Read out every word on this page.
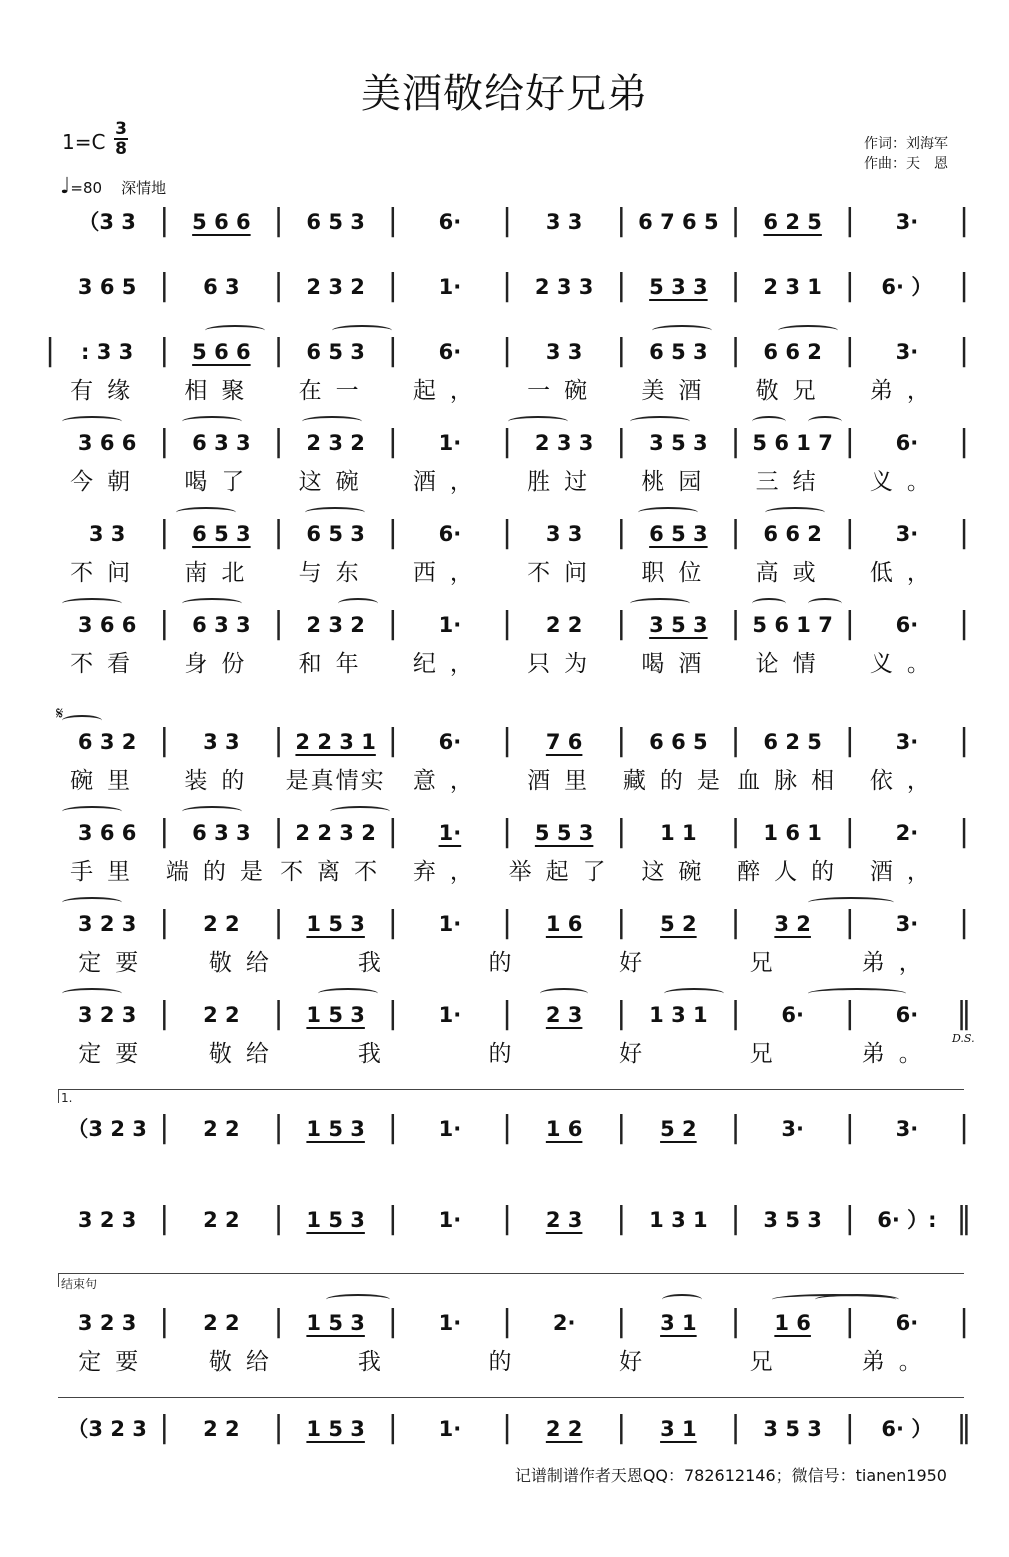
美酒敬给好兄弟
$1=C \frac{3}{8}$
♩=80 深情地
作词：刘海军
作曲：天　恩
（3 3 | 5 6 6 | 6 5 3 | 6· | 3 3 | 6 7 6 5 | 6 2 5 | 3· |
3 6 5 | 6 3 | 2 3 2 | 1· | 2 3 3 | 5 3 3 | 2 3 1 | 6· ） |
| : 3 3 | 5 6 6 | 6 5 3 | 6· | 3 3 | 6 5 3 | 6 6 2 | 3· |
3 6 6 | 6 3 3 | 2 3 2 | 1· | 2 3 3 | 3 5 3 | 5 6 1 7 | 6· |
3 3 | 6 5 3 | 6 5 3 | 6· | 3 3 | 6 5 3 | 6 6 2 | 3· |
3 6 6 | 6 3 3 | 2 3 2 | 1· | 2 2 | 3 5 3 | 5 6 1 7 | 6· |
6 3 2 | 3 3 | 2 2 3 1 | 6· | 7 6 | 6 6 5 | 6 2 5 | 3· |
3 6 6 | 6 3 3 | 2 2 3 2 | 1· | 5 5 3 | 1 1 | 1 6 1 | 2· |
3 2 3 | 2 2 | 1 5 3 | 1· | 1 6 | 5 2 | 3 2 | 3· |
3 2 3 | 2 2 | 1 5 3 | 1· | 2 3 | 1 3 1 | 6· | 6· ‖
（3 2 3 | 2 2 | 1 5 3 | 1· | 1 6 | 5 2 | 3· | 3· |
3 2 3 | 2 2 | 1 5 3 | 1· | 2 3 | 1 3 1 | 3 5 3 | 6· ）: ‖
3 2 3 | 2 2 | 1 5 3 | 1· | 2· | 3 1 | 1 6 | 6· |
（3 2 3 | 2 2 | 1 5 3 | 1· | 2 2 | 3 1 | 3 5 3 | 6· ） ‖
有缘 相聚 在一 起， 一碗 美酒 敬兄 弟，
今朝 喝了 这碗 酒， 胜过 桃园 三结 义。
不问 南北 与东 西， 不问 职位 高或 低，
不看 身份 和年 纪， 只为 喝酒 论情 义。
碗里 装的 是真情实 意， 酒里 藏的是 血脉相 依，
手里 端的是 不离不 弃， 举起了 这碗 醉人的 酒，
定要 敬给	我	的	好	兄	弟，
定要 敬给	我	的	好	兄	弟。
定要 敬给	我	的	好	兄	弟。
𝄋
D.S.
1.
结束句
记谱制谱作者天恩QQ：782612146；微信号：tianen1950
